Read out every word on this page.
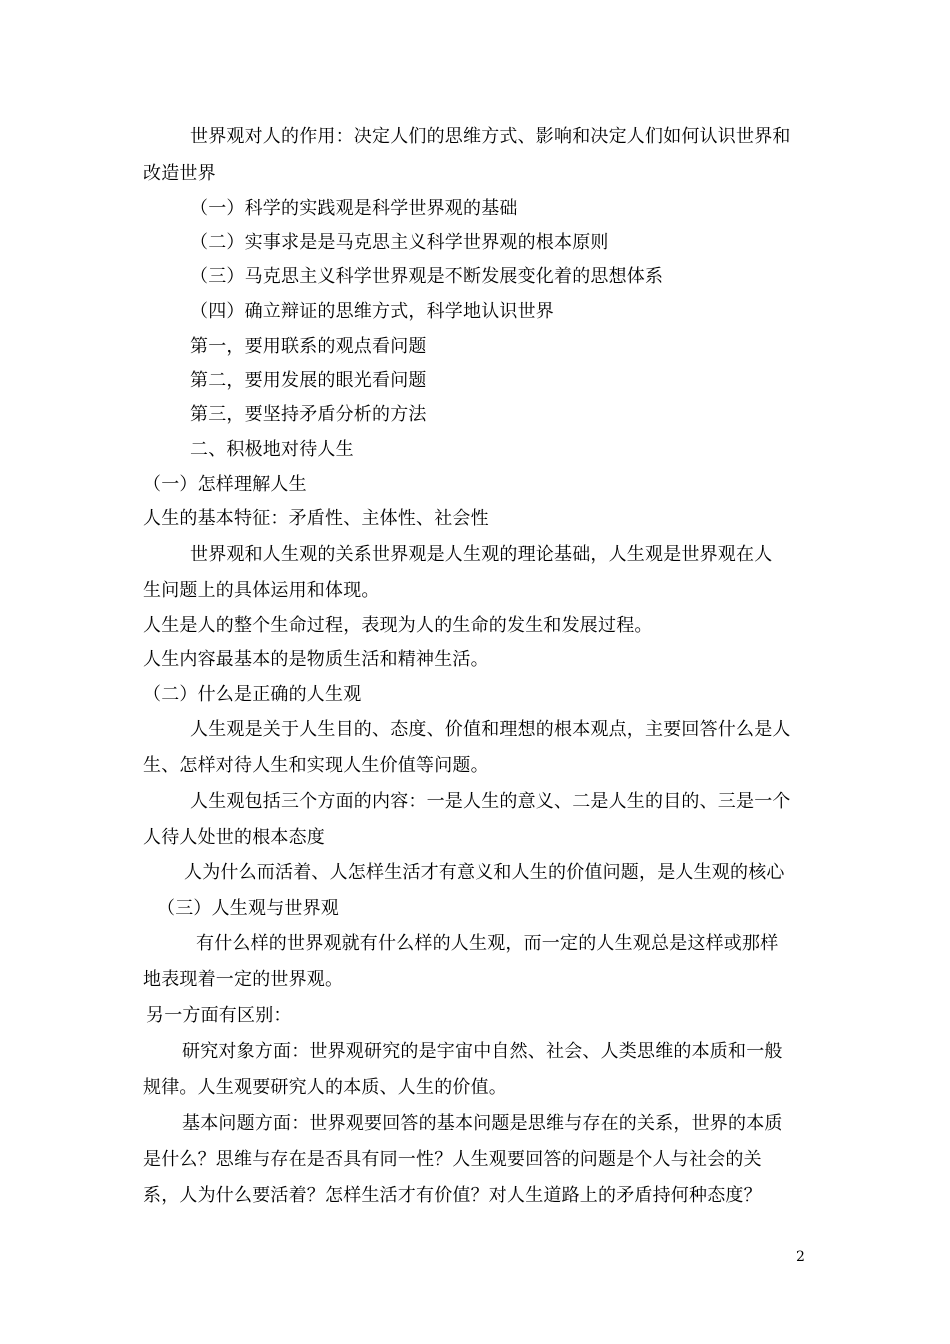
世界观对人的作用：决定人们的思维方式、影响和决定人们如何认识世界和
改造世界
（一）科学的实践观是科学世界观的基础
（二）实事求是是马克思主义科学世界观的根本原则
（三）马克思主义科学世界观是不断发展变化着的思想体系
（四）确立辩证的思维方式，科学地认识世界
第一，要用联系的观点看问题
第二，要用发展的眼光看问题
第三，要坚持矛盾分析的方法
二、积极地对待人生
（一）怎样理解人生
人生的基本特征：矛盾性、主体性、社会性
世界观和人生观的关系世界观是人生观的理论基础，人生观是世界观在人
生问题上的具体运用和体现。
人生是人的整个生命过程，表现为人的生命的发生和发展过程。
人生内容最基本的是物质生活和精神生活。
（二）什么是正确的人生观
人生观是关于人生目的、态度、价值和理想的根本观点，主要回答什么是人
生、怎样对待人生和实现人生价值等问题。
人生观包括三个方面的内容：一是人生的意义、二是人生的目的、三是一个
人待人处世的根本态度
人为什么而活着、人怎样生活才有意义和人生的价值问题，是人生观的核心
（三）人生观与世界观
有什么样的世界观就有什么样的人生观，而一定的人生观总是这样或那样
地表现着一定的世界观。
另一方面有区别：
研究对象方面：世界观研究的是宇宙中自然、社会、人类思维的本质和一般
规律。人生观要研究人的本质、人生的价值。
基本问题方面：世界观要回答的基本问题是思维与存在的关系，世界的本质
是什么？思维与存在是否具有同一性？人生观要回答的问题是个人与社会的关
系，人为什么要活着？怎样生活才有价值？对人生道路上的矛盾持何种态度？
2
